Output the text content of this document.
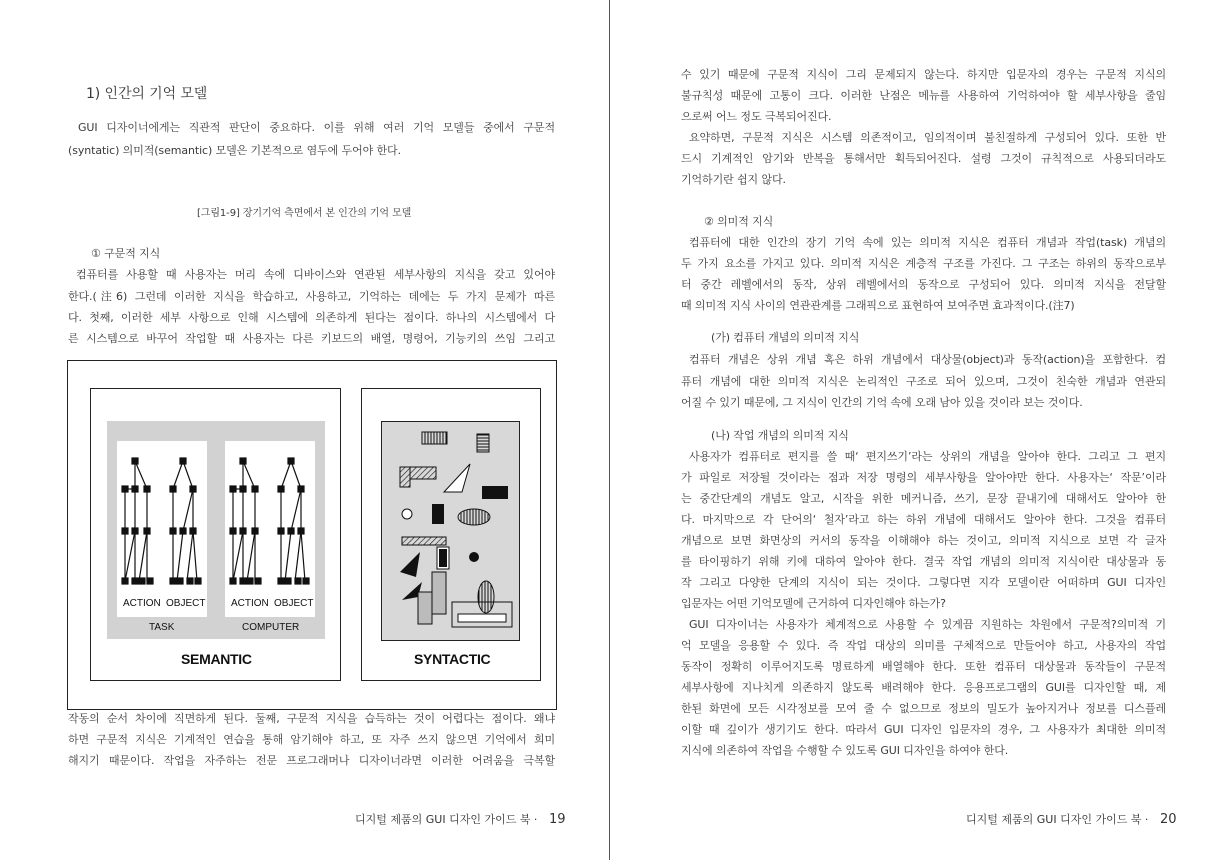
1) 인간의 기억 모델
GUI 디자이너에게는 직관적 판단이 중요하다. 이를 위해 여러 기억 모델들 중에서 구문적
(syntatic) 의미적(semantic) 모델은 기본적으로 염두에 두어야 한다.
[그림1-9] 장기기억 측면에서 본 인간의 기억 모델
① 구문적 지식
컴퓨터를 사용할 때 사용자는 머리 속에 디바이스와 연관된 세부사항의 지식을 갖고 있어야
한다.(注6) 그런데 이러한 지식을 학습하고, 사용하고, 기억하는 데에는 두 가지 문제가 따른
다. 첫째, 이러한 세부 사항으로 인해 시스템에 의존하게 된다는 점이다. 하나의 시스템에서 다
른 시스템으로 바꾸어 작업할 때 사용자는 다른 키보드의 배열, 명령어, 기능키의 쓰임 그리고
ACTION OBJECT	ACTION OBJECT
TASK	COMPUTER
SEMANTIC	SYNTACTIC
작동의 순서 차이에 직면하게 된다. 둘째, 구문적 지식을 습득하는 것이 어렵다는 점이다. 왜냐
하면 구문적 지식은 기계적인 연습을 통해 암기해야 하고, 또 자주 쓰지 않으면 기억에서 희미
해지기 때문이다. 작업을 자주하는 전문 프로그래머나 디자이너라면 이러한 어려움을 극복할
디지털 제품의 GUI 디자인 가이드 북 · 19
수 있기 때문에 구문적 지식이 그리 문제되지 않는다. 하지만 입문자의 경우는 구문적 지식의
불규칙성 때문에 고통이 크다. 이러한 난점은 메뉴를 사용하여 기억하여야 할 세부사항을 줄임
으로써 어느 정도 극복되어진다.
요약하면, 구문적 지식은 시스템 의존적이고, 임의적이며 불친절하게 구성되어 있다. 또한 반
드시 기계적인 암기와 반복을 통해서만 획득되어진다. 설령 그것이 규칙적으로 사용되더라도
기억하기란 쉽지 않다.
② 의미적 지식
컴퓨터에 대한 인간의 장기 기억 속에 있는 의미적 지식은 컴퓨터 개념과 작업(task) 개념의
두 가지 요소를 가지고 있다. 의미적 지식은 계층적 구조를 가진다. 그 구조는 하위의 동작으로부
터 중간 레벨에서의 동작, 상위 레벨에서의 동작으로 구성되어 있다. 의미적 지식을 전달할
때 의미적 지식 사이의 연관관계를 그래픽으로 표현하여 보여주면 효과적이다.(注7)
(가) 컴퓨터 개념의 의미적 지식
컴퓨터 개념은 상위 개념 혹은 하위 개념에서 대상물(object)과 동작(action)을 포함한다. 컴
퓨터 개념에 대한 의미적 지식은 논리적인 구조로 되어 있으며, 그것이 친숙한 개념과 연관되
어질 수 있기 때문에, 그 지식이 인간의 기억 속에 오래 남아 있을 것이라 보는 것이다.
(나) 작업 개념의 의미적 지식
사용자가 컴퓨터로 편지를 쓸 때‘ 편지쓰기’라는 상위의 개념을 알아야 한다. 그리고 그 편지
가 파일로 저장될 것이라는 점과 저장 명령의 세부사항을 알아야만 한다. 사용자는‘ 작문’이라
는 중간단계의 개념도 알고, 시작을 위한 메커니즘, 쓰기, 문장 끝내기에 대해서도 알아야 한
다. 마지막으로 각 단어의‘ 철자’라고 하는 하위 개념에 대해서도 알아야 한다. 그것을 컴퓨터
개념으로 보면 화면상의 커서의 동작을 이해해야 하는 것이고, 의미적 지식으로 보면 각 글자
를 타이핑하기 위해 키에 대하여 알아야 한다. 결국 작업 개념의 의미적 지식이란 대상물과 동
작 그리고 다양한 단계의 지식이 되는 것이다. 그렇다면 지각 모델이란 어떠하며 GUI 디자인
입문자는 어떤 기억모델에 근거하여 디자인해야 하는가?
GUI 디자이너는 사용자가 체계적으로 사용할 수 있게끔 지원하는 차원에서 구문적?의미적 기
억 모델을 응용할 수 있다. 즉 작업 대상의 의미를 구체적으로 만들어야 하고, 사용자의 작업
동작이 정확히 이루어지도록 명료하게 배열해야 한다. 또한 컴퓨터 대상물과 동작들이 구문적
세부사항에 지나치게 의존하지 않도록 배려해야 한다. 응용프로그램의 GUI를 디자인할 때, 제
한된 화면에 모든 시각정보를 모여 줄 수 없으므로 정보의 밀도가 높아지거나 정보를 디스플레
이할 때 깊이가 생기기도 한다. 따라서 GUI 디자인 입문자의 경우, 그 사용자가 최대한 의미적
지식에 의존하여 작업을 수행할 수 있도록 GUI 디자인을 하여야 한다.
디지털 제품의 GUI 디자인 가이드 북 · 20
